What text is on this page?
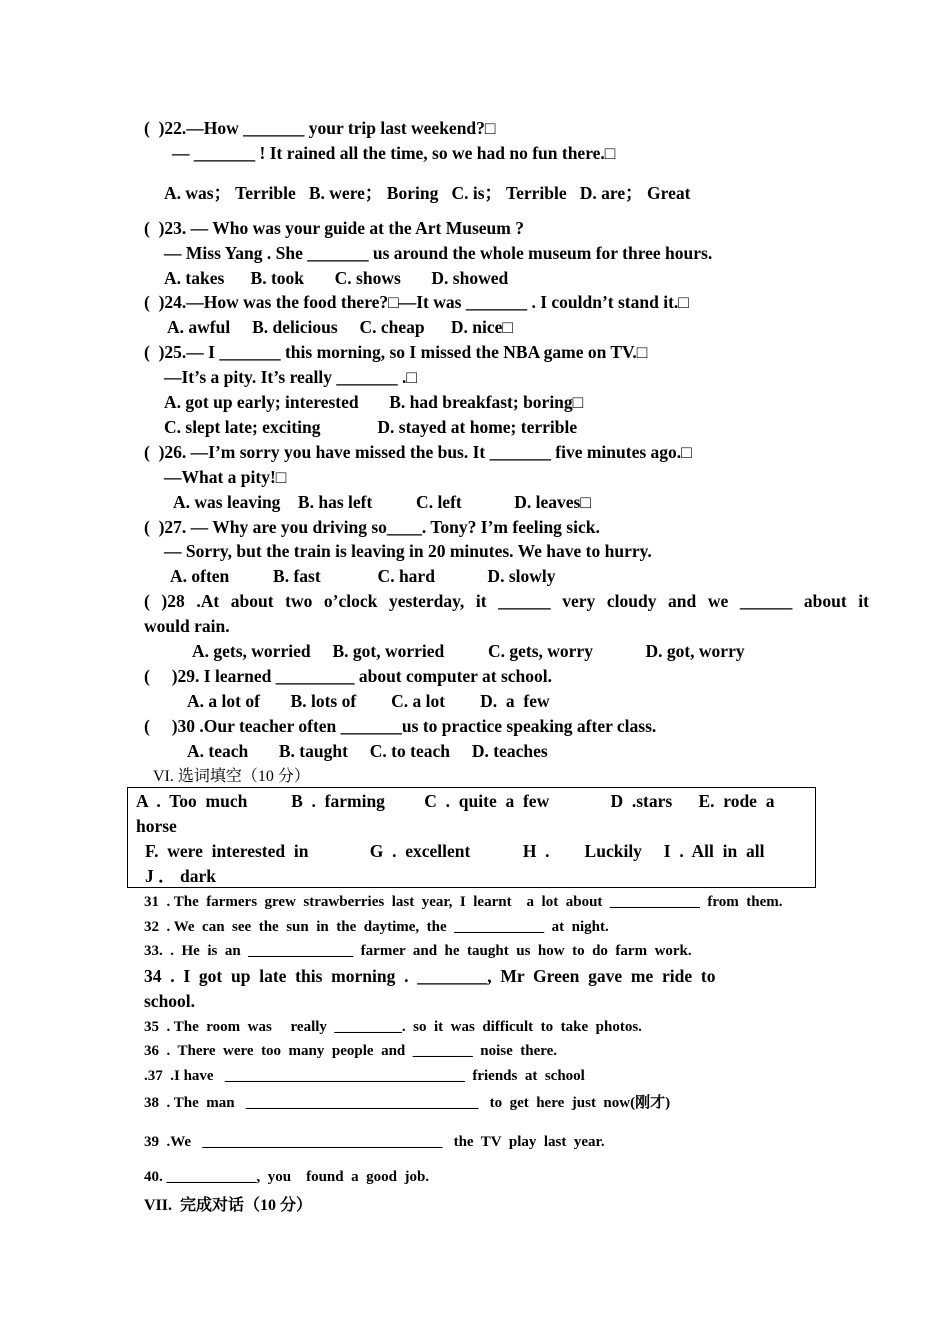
(  )22.—How _______ your trip last weekend?□
— _______ ! It rained all the time, so we had no fun there.□
A. was； Terrible   B. were； Boring   C. is； Terrible   D. are； Great
(  )23. — Who was your guide at the Art Museum ?
— Miss Yang . She _______ us around the whole museum for three hours.
A. takes      B. took       C. shows       D. showed
(  )24.—How was the food there?□—It was _______ . I couldn’t stand it.□
A. awful     B. delicious     C. cheap      D. nice□
(  )25.— I _______ this morning, so I missed the NBA game on TV.□
—It’s a pity. It’s really _______ .□
A. got up early; interested       B. had breakfast; boring□
C. slept late; exciting             D. stayed at home; terrible
(  )26. —I’m sorry you have missed the bus. It _______ five minutes ago.□
—What a pity!□
A. was leaving    B. has left          C. left            D. leaves□
(  )27. — Why are you driving so____. Tony? I’m feeling sick.
— Sorry, but the train is leaving in 20 minutes. We have to hurry.
A. often          B. fast             C. hard            D. slowly
( )28 .At about two o’clock yesterday, it ______ very cloudy and we ______ about it
would rain.
A. gets, worried     B. got, worried          C. gets, worry            D. got, worry
(     )29. I learned _________ about computer at school.
A. a lot of       B. lots of        C. a lot        D.  a  few
(     )30 .Our teacher often _______us to practice speaking after class.
A. teach       B. taught     C. to teach     D. teaches
VI. 选词填空（10 分）
A  .  Too  much          B  .  farming         C  .  quite  a  few              D  .stars      E.  rode  a
horse
F.  were  interested  in              G  .  excellent            H  .        Luckily     I  .  All  in  all
J ． dark
31  . The  farmers  grew  strawberries  last  year,  I  learnt    a  lot  about  ____________  from  them.
32  . We  can  see  the  sun  in  the  daytime,  the  ____________  at  night.
33.  .  He  is  an  ______________  farmer  and  he  taught  us  how  to  do  farm  work.
34  .  I  got  up  late  this  morning  .  ________,  Mr  Green  gave  me  ride  to
school.
35  . The  room  was     really  _________.  so  it  was  difficult  to  take  photos.
36  .  There  were  too  many  people  and  ________  noise  there.
.37  .I have   ________________________________  friends  at  school
38  . The  man   _______________________________   to  get  here  just  now(刚才)
39  .We   ________________________________   the  TV  play  last  year.
40. ____________,  you    found  a  good  job.
VII.  完成对话（10 分）
